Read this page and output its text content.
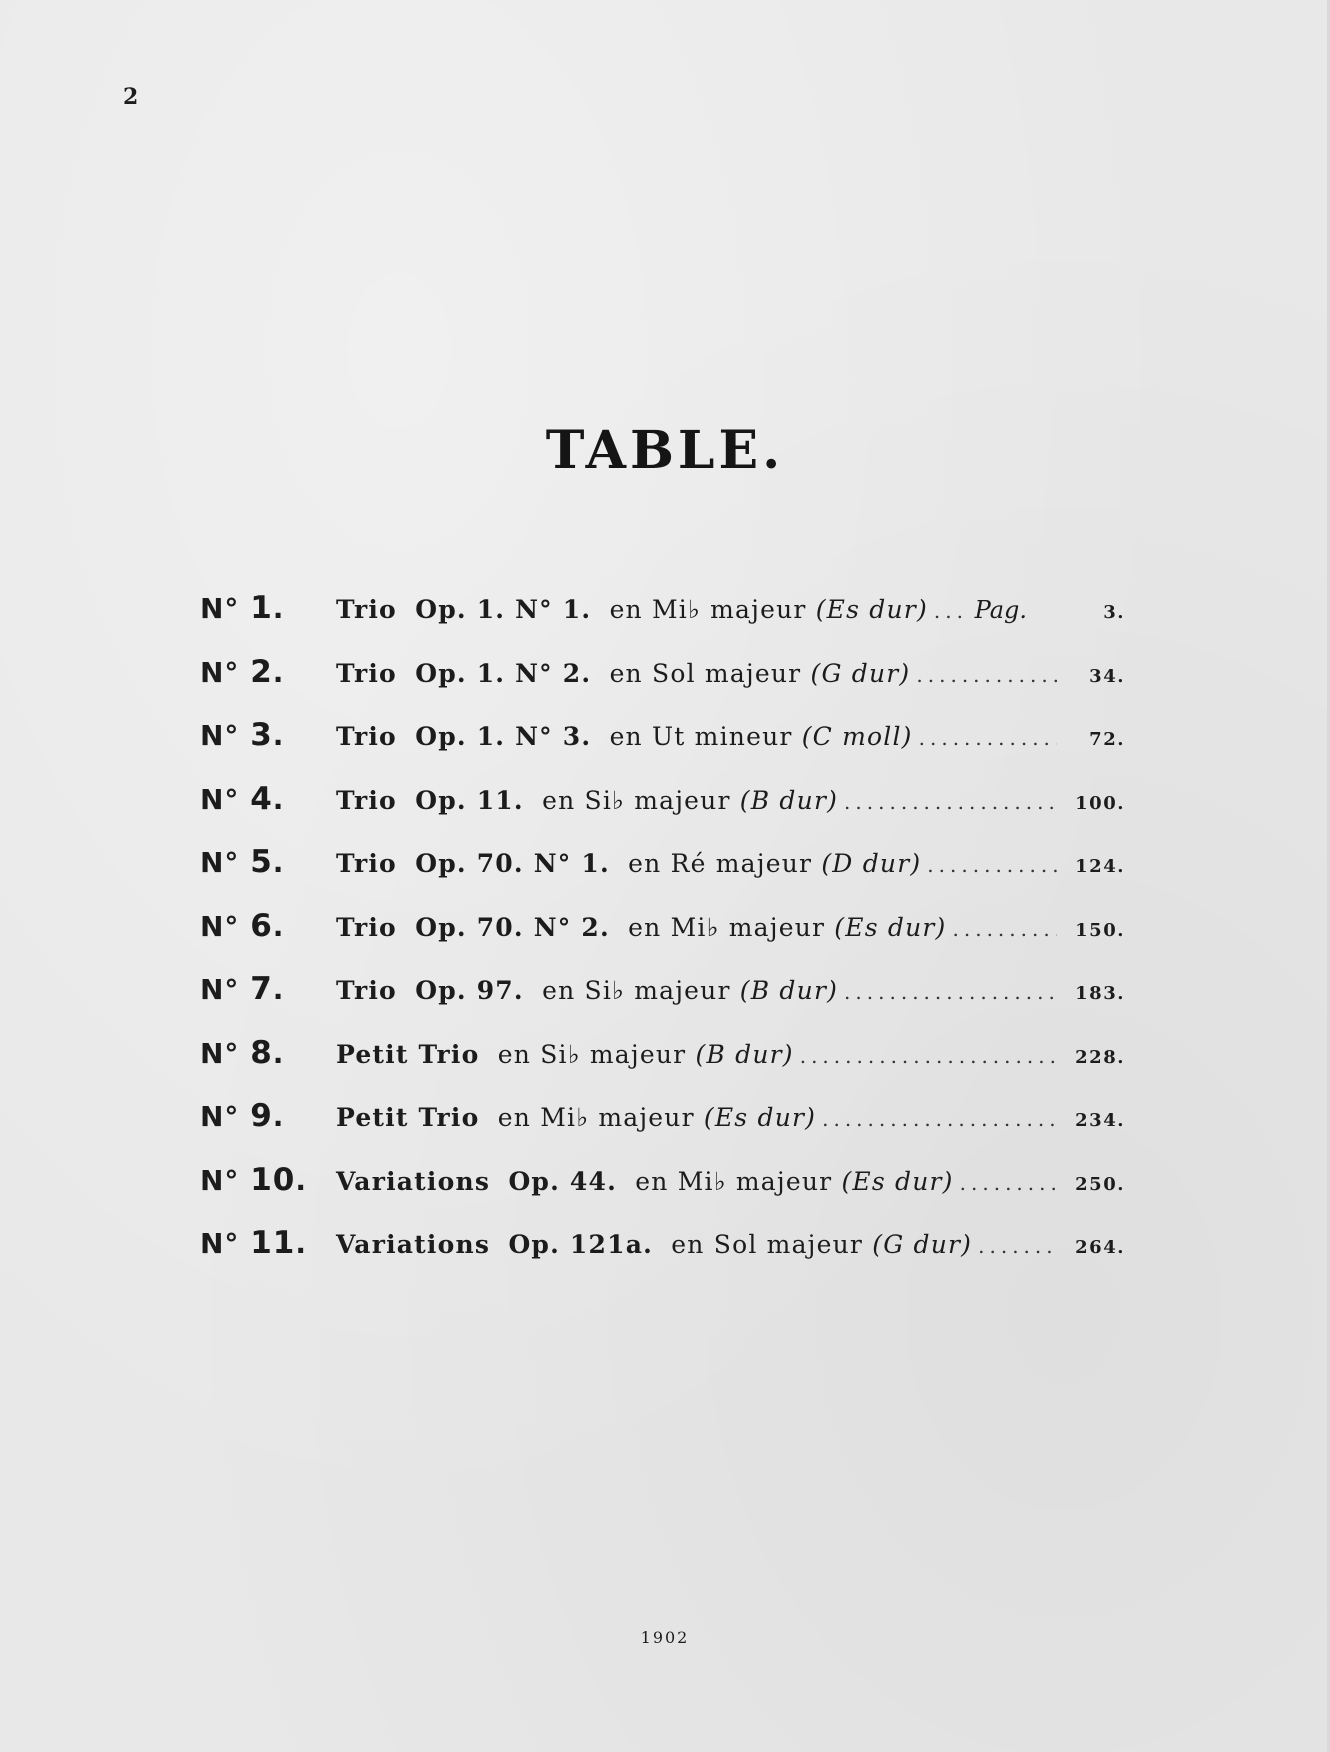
2
TABLE.
N° 1.	Trio Op. 1. N° 1. en Mi♭ majeur (Es dur) ..... Pag.	3.
N° 2.	Trio Op. 1. N° 2. en Sol majeur (G dur) .....	34.
N° 3.	Trio Op. 1. N° 3. en Ut mineur (C moll) .....	72.
N° 4.	Trio Op. 11. en Si♭ majeur (B dur) .....	100.
N° 5.	Trio Op. 70. N° 1. en Ré majeur (D dur) .....	124.
N° 6.	Trio Op. 70. N° 2. en Mi♭ majeur (Es dur) .....	150.
N° 7.	Trio Op. 97. en Si♭ majeur (B dur) .....	183.
N° 8.	Petit Trio en Si♭ majeur (B dur) .....	228.
N° 9.	Petit Trio en Mi♭ majeur (Es dur) .....	234.
N° 10.	Variations Op. 44. en Mi♭ majeur (Es dur) .....	250.
N° 11.	Variations Op. 121a. en Sol majeur (G dur) .....	264.
1902
